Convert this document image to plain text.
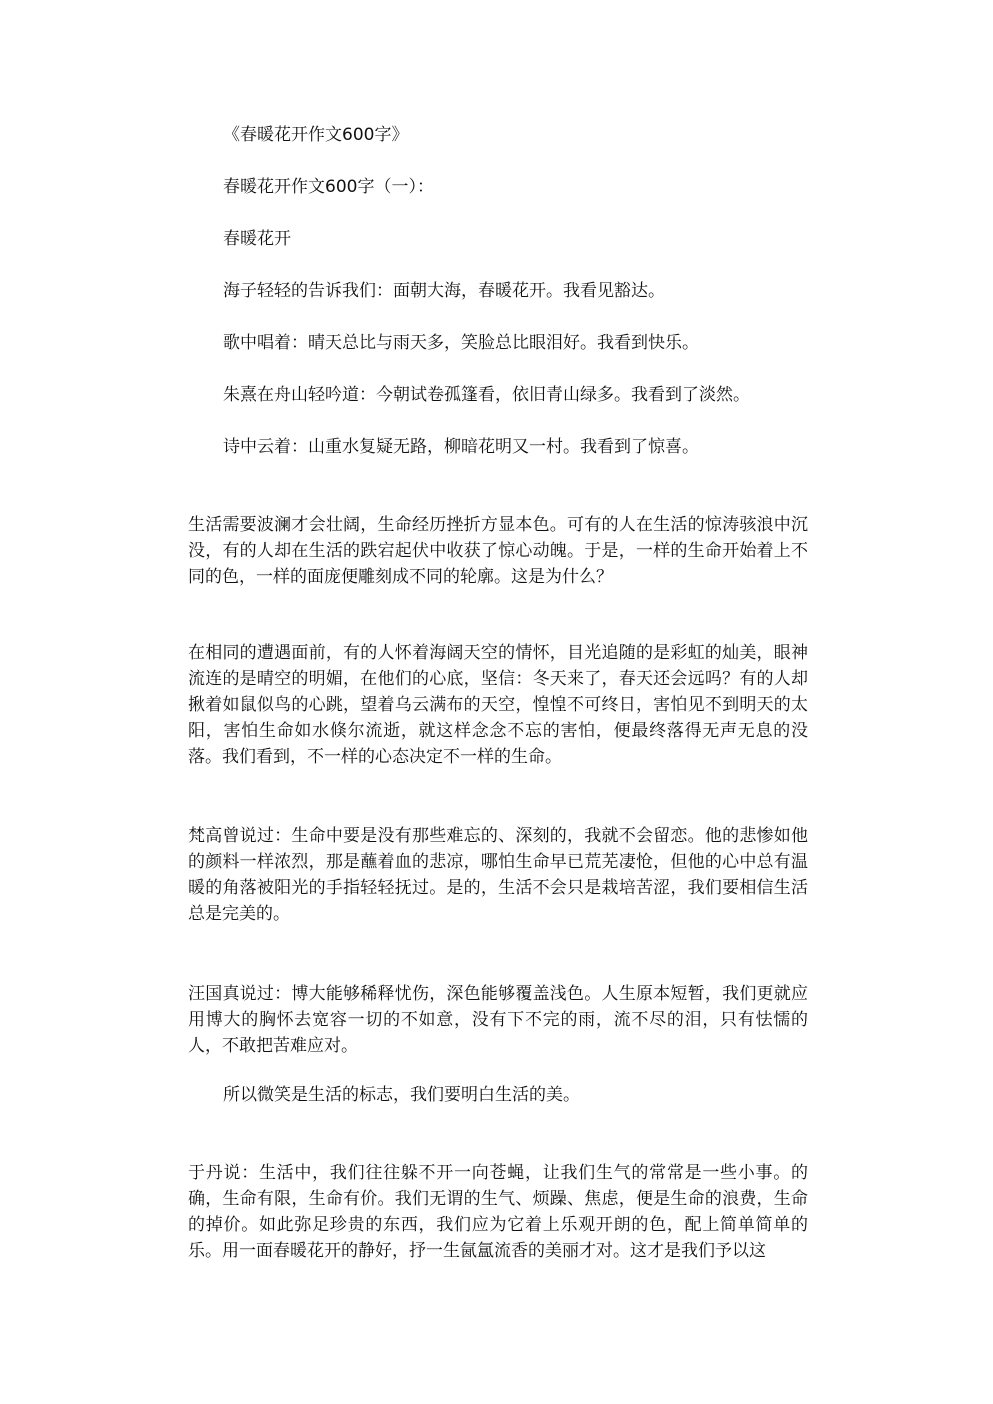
《春暖花开作文600字》

春暖花开作文600字（一）：

春暖花开

海子轻轻的告诉我们：面朝大海，春暖花开。我看见豁达。

歌中唱着：晴天总比与雨天多，笑脸总比眼泪好。我看到快乐。

朱熹在舟山轻吟道：今朝试卷孤篷看，依旧青山绿多。我看到了淡然。

诗中云着：山重水复疑无路，柳暗花明又一村。我看到了惊喜。

生活需要波澜才会壮阔，生命经历挫折方显本色。可有的人在生活的惊涛骇浪中沉没，有的人却在生活的跌宕起伏中收获了惊心动魄。于是，一样的生命开始着上不同的色，一样的面庞便雕刻成不同的轮廓。这是为什么？

在相同的遭遇面前，有的人怀着海阔天空的情怀，目光追随的是彩虹的灿美，眼神流连的是晴空的明媚，在他们的心底，坚信：冬天来了，春天还会远吗？有的人却揪着如鼠似鸟的心跳，望着乌云满布的天空，惶惶不可终日，害怕见不到明天的太阳，害怕生命如水倏尔流逝，就这样念念不忘的害怕，便最终落得无声无息的没落。我们看到，不一样的心态决定不一样的生命。

梵高曾说过：生命中要是没有那些难忘的、深刻的，我就不会留恋。他的悲惨如他的颜料一样浓烈，那是蘸着血的悲凉，哪怕生命早已荒芜凄怆，但他的心中总有温暖的角落被阳光的手指轻轻抚过。是的，生活不会只是栽培苦涩，我们要相信生活总是完美的。

汪国真说过：博大能够稀释忧伤，深色能够覆盖浅色。人生原本短暂，我们更就应用博大的胸怀去宽容一切的不如意，没有下不完的雨，流不尽的泪，只有怯懦的人，不敢把苦难应对。

所以微笑是生活的标志，我们要明白生活的美。

于丹说：生活中，我们往往躲不开一向苍蝇，让我们生气的常常是一些小事。的确，生命有限，生命有价。我们无谓的生气、烦躁、焦虑，便是生命的浪费，生命的掉价。如此弥足珍贵的东西，我们应为它着上乐观开朗的色，配上简单简单的乐。用一面春暖花开的静好，抒一生氤氲流香的美丽才对。这才是我们予以这
